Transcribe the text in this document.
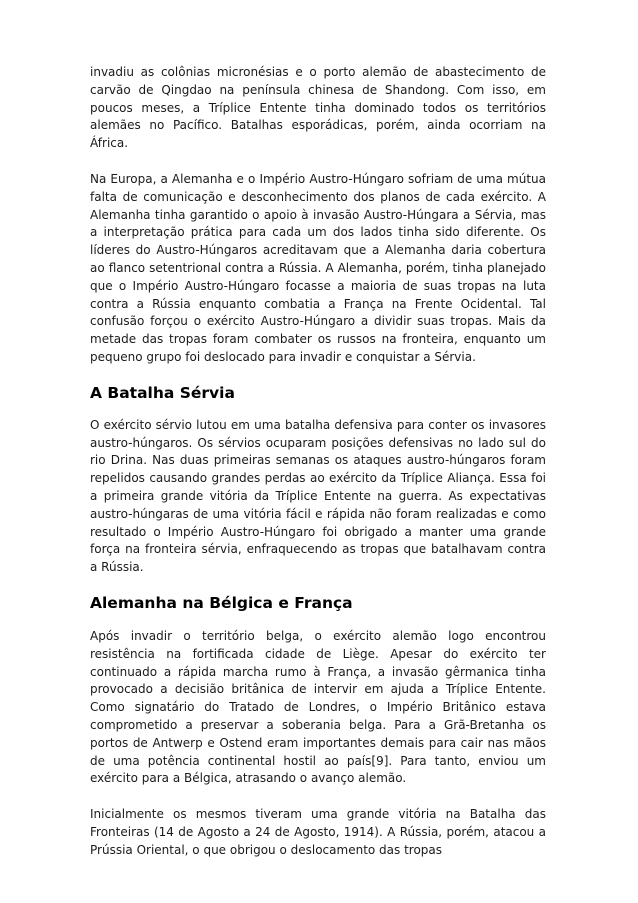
invadiu as colônias micronésias e o porto alemão de abastecimento de carvão de Qingdao na península chinesa de Shandong. Com isso, em poucos meses, a Tríplice Entente tinha dominado todos os territórios alemães no Pacífico. Batalhas esporádicas, porém, ainda ocorriam na África.

Na Europa, a Alemanha e o Império Austro-Húngaro sofriam de uma mútua falta de comunicação e desconhecimento dos planos de cada exército. A Alemanha tinha garantido o apoio à invasão Austro-Húngara a Sérvia, mas a interpretação prática para cada um dos lados tinha sido diferente. Os líderes do Austro-Húngaros acreditavam que a Alemanha daria cobertura ao flanco setentrional contra a Rússia. A Alemanha, porém, tinha planejado que o Império Austro-Húngaro focasse a maioria de suas tropas na luta contra a Rússia enquanto combatia a França na Frente Ocidental. Tal confusão forçou o exército Austro-Húngaro a dividir suas tropas. Mais da metade das tropas foram combater os russos na fronteira, enquanto um pequeno grupo foi deslocado para invadir e conquistar a Sérvia.

A Batalha Sérvia

O exército sérvio lutou em uma batalha defensiva para conter os invasores austro-húngaros. Os sérvios ocuparam posições defensivas no lado sul do rio Drina. Nas duas primeiras semanas os ataques austro-húngaros foram repelidos causando grandes perdas ao exército da Tríplice Aliança. Essa foi a primeira grande vitória da Tríplice Entente na guerra. As expectativas austro-húngaras de uma vitória fácil e rápida não foram realizadas e como resultado o Império Austro-Húngaro foi obrigado a manter uma grande força na fronteira sérvia, enfraquecendo as tropas que batalhavam contra a Rússia.

Alemanha na Bélgica e França

Após invadir o território belga, o exército alemão logo encontrou resistência na fortificada cidade de Liège. Apesar do exército ter continuado a rápida marcha rumo à França, a invasão gêrmanica tinha provocado a decisião britânica de intervir em ajuda a Tríplice Entente. Como signatário do Tratado de Londres, o Império Britânico estava comprometido a preservar a soberania belga. Para a Grã-Bretanha os portos de Antwerp e Ostend eram importantes demais para cair nas mãos de uma potência continental hostil ao país[9]. Para tanto, enviou um exército para a Bélgica, atrasando o avanço alemão.

Inicialmente os mesmos tiveram uma grande vitória na Batalha das Fronteiras (14 de Agosto a 24 de Agosto, 1914). A Rússia, porém, atacou a Prússia Oriental, o que obrigou o deslocamento das tropas
